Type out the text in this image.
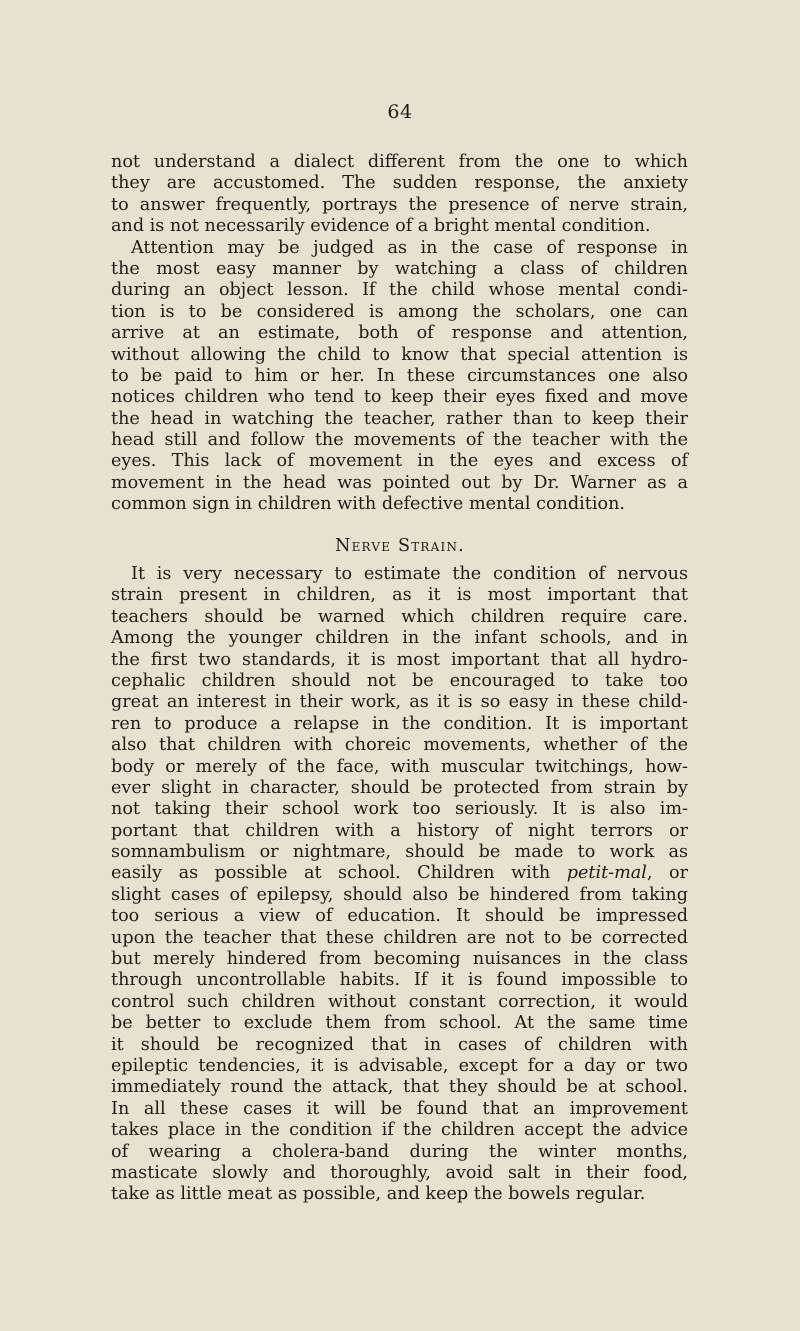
64
not understand a dialect different from the one to which
they are accustomed. The sudden response, the anxiety
to answer frequently, portrays the presence of nerve strain,
and is not necessarily evidence of a bright mental condition.
Attention may be judged as in the case of response in
the most easy manner by watching a class of children
during an object lesson. If the child whose mental condi-
tion is to be considered is among the scholars, one can
arrive at an estimate, both of response and attention,
without allowing the child to know that special attention is
to be paid to him or her. In these circumstances one also
notices children who tend to keep their eyes fixed and move
the head in watching the teacher, rather than to keep their
head still and follow the movements of the teacher with the
eyes. This lack of movement in the eyes and excess of
movement in the head was pointed out by Dr. Warner as a
common sign in children with defective mental condition.
Nerve Strain.
It is very necessary to estimate the condition of nervous
strain present in children, as it is most important that
teachers should be warned which children require care.
Among the younger children in the infant schools, and in
the first two standards, it is most important that all hydro-
cephalic children should not be encouraged to take too
great an interest in their work, as it is so easy in these child-
ren to produce a relapse in the condition. It is important
also that children with choreic movements, whether of the
body or merely of the face, with muscular twitchings, how-
ever slight in character, should be protected from strain by
not taking their school work too seriously. It is also im-
portant that children with a history of night terrors or
somnambulism or nightmare, should be made to work as
easily as possible at school. Children with petit-mal, or
slight cases of epilepsy, should also be hindered from taking
too serious a view of education. It should be impressed
upon the teacher that these children are not to be corrected
but merely hindered from becoming nuisances in the class
through uncontrollable habits. If it is found impossible to
control such children without constant correction, it would
be better to exclude them from school. At the same time
it should be recognized that in cases of children with
epileptic tendencies, it is advisable, except for a day or two
immediately round the attack, that they should be at school.
In all these cases it will be found that an improvement
takes place in the condition if the children accept the advice
of wearing a cholera-band during the winter months,
masticate slowly and thoroughly, avoid salt in their food,
take as little meat as possible, and keep the bowels regular.
